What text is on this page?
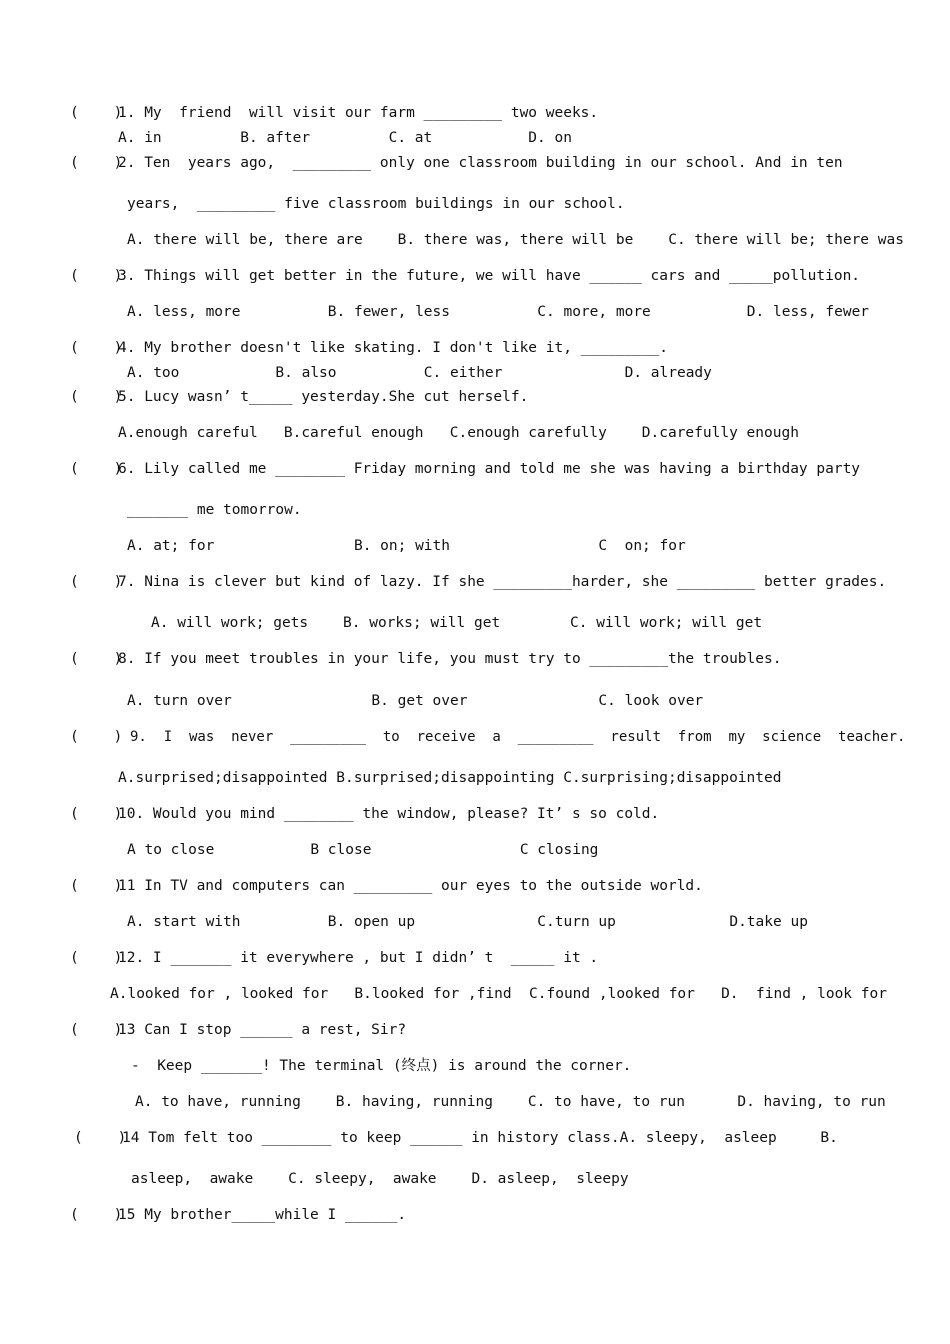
(    )
1. My  friend  will visit our farm _________ two weeks.
A. in         B. after         C. at           D. on
(    )
2. Ten  years ago,  _________ only one classroom building in our school. And in ten
years,  _________ five classroom buildings in our school.
A. there will be, there are    B. there was, there will be    C. there will be; there was
(    )
3. Things will get better in the future, we will have ______ cars and _____pollution.
A. less, more          B. fewer, less          C. more, more           D. less, fewer
(    )
4. My brother doesn't like skating. I don't like it, _________.
A. too           B. also          C. either              D. already
(    )
5. Lucy wasn’ t_____ yesterday.She cut herself.
A.enough careful   B.careful enough   C.enough carefully    D.carefully enough
(    )
6. Lily called me ________ Friday morning and told me she was having a birthday party
_______ me tomorrow.
A. at; for                B. on; with                 C  on; for
(    )
7. Nina is clever but kind of lazy. If she _________harder, she _________ better grades.
A. will work; gets    B. works; will get        C. will work; will get
(    )
8. If you meet troubles in your life, you must try to _________the troubles.
A. turn over                B. get over               C. look over
(    ) 9.  I  was  never  _________  to  receive  a  _________  result  from  my  science  teacher.
A.surprised;disappointed B.surprised;disappointing C.surprising;disappointed
(    )
10. Would you mind ________ the window, please? It’ s so cold.
A to close           B close                 C closing
(    )
11 In TV and computers can _________ our eyes to the outside world.
A. start with          B. open up              C.turn up             D.take up
(    )
12. I _______ it everywhere , but I didn’ t  _____ it .
A.looked for , looked for   B.looked for ,find  C.found ,looked for   D.  find , look for
(    )
13 Can I stop ______ a rest, Sir?
-  Keep _______! The terminal (终点) is around the corner.
A. to have, running    B. having, running    C. to have, to run      D. having, to run
(    )
14 Tom felt too ________ to keep ______ in history class.A. sleepy,  asleep     B.
asleep,  awake    C. sleepy,  awake    D. asleep,  sleepy
(    )
15 My brother_____while I ______.
